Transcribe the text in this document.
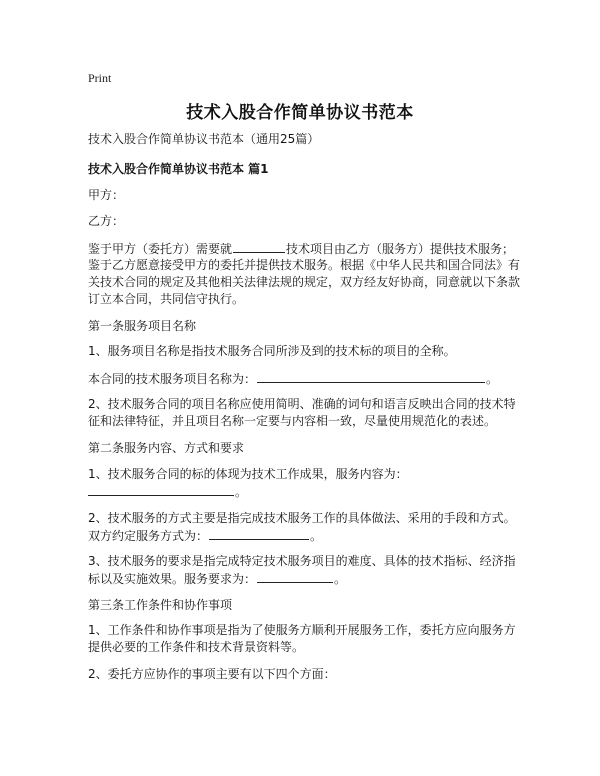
Print
技术入股合作简单协议书范本
技术入股合作简单协议书范本（通用25篇）
技术入股合作简单协议书范本 篇1
甲方：
乙方：
鉴于甲方（委托方）需要就	技术项目由乙方（服务方）提供技术服务；
鉴于乙方愿意接受甲方的委托并提供技术服务。根据《中华人民共和国合同法》有
关技术合同的规定及其他相关法律法规的规定，双方经友好协商，同意就以下条款
订立本合同，共同信守执行。
第一条服务项目名称
1、服务项目名称是指技术服务合同所涉及到的技术标的项目的全称。
本合同的技术服务项目名称为：	。
2、技术服务合同的项目名称应使用简明、准确的词句和语言反映出合同的技术特
征和法律特征，并且项目名称一定要与内容相一致，尽量使用规范化的表述。
第二条服务内容、方式和要求
1、技术服务合同的标的体现为技术工作成果，服务内容为：
。
2、技术服务的方式主要是指完成技术服务工作的具体做法、采用的手段和方式。
双方约定服务方式为：	。
3、技术服务的要求是指完成特定技术服务项目的难度、具体的技术指标、经济指
标以及实施效果。服务要求为：	。
第三条工作条件和协作事项
1、工作条件和协作事项是指为了使服务方顺利开展服务工作，委托方应向服务方
提供必要的工作条件和技术背景资料等。
2、委托方应协作的事项主要有以下四个方面：
